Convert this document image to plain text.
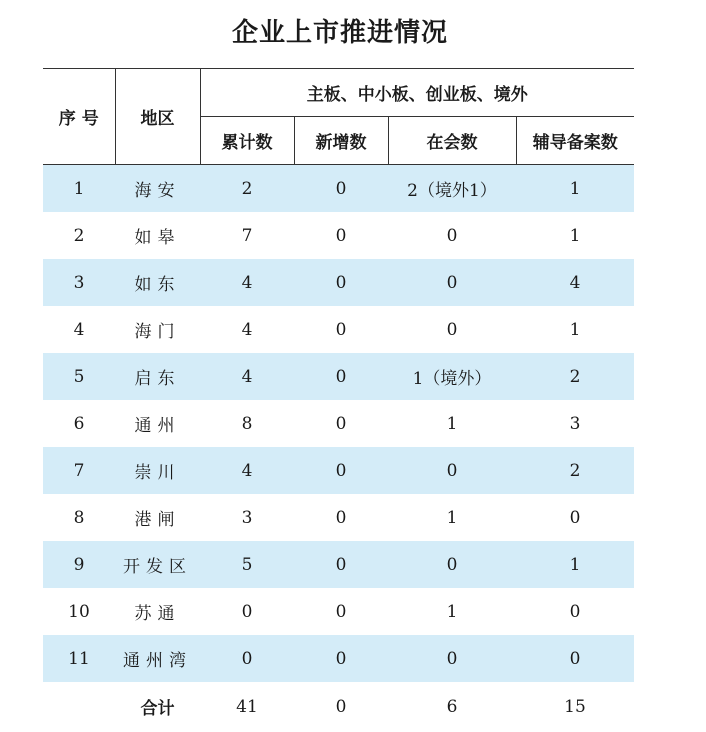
企业上市推进情况
序 号	地区	主板、中小板、创业板、境外			
		累计数	新增数	在会数	辅导备案数
1	海安	2	0	2（境外1）	1
2	如皋	7	0	0	1
3	如东	4	0	0	4
4	海门	4	0	0	1
5	启东	4	0	1（境外）	2
6	通州	8	0	1	3
7	崇川	4	0	0	2
8	港闸	3	0	1	0
9	开发区	5	0	0	1
10	苏通	0	0	1	0
11	通州湾	0	0	0	0
	合计	41	0	6	15
